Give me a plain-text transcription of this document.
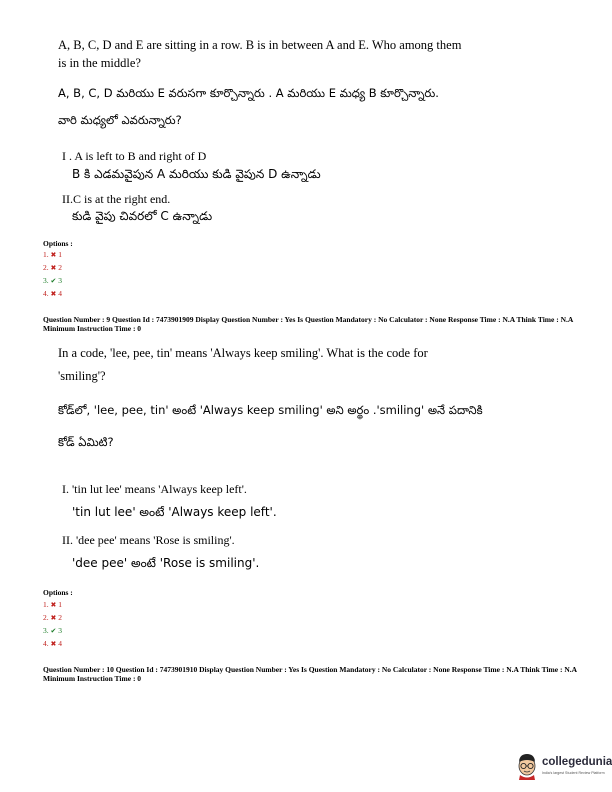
A, B, C, D and E are sitting in a row. B is in between A and E. Who among them
is in the middle?
A, B, C, D మరియు E వరుసగా కూర్చొన్నారు . A మరియు E మధ్య B కూర్చొన్నారు.
వారి మధ్యలో ఎవరున్నారు?
I . A is left to B and right of D
B కి ఎడమవైపున A మరియు కుడి వైపున D ఉన్నాడు
II.C is at the right end.
కుడి వైపు చివరలో C ఉన్నాడు
Options :
1. ✖ 1
2. ✖ 2
3. ✔ 3
4. ✖ 4
Question Number : 9 Question Id : 7473901909 Display Question Number : Yes Is Question Mandatory : No Calculator : None Response Time : N.A Think Time : N.A Minimum Instruction Time : 0
In a code, 'lee, pee, tin' means 'Always keep smiling'. What is the code for
'smiling'?
కోడ్‌లో, 'lee, pee, tin' అంటే 'Always keep smiling' అని అర్థం .'smiling' అనే పదానికి
కోడ్ ఏమిటి?
I. 'tin lut lee' means 'Always keep left'.
'tin lut lee' అంటే 'Always keep left'.
II. 'dee pee' means 'Rose is smiling'.
'dee pee' అంటే 'Rose is smiling'.
Options :
1. ✖ 1
2. ✖ 2
3. ✔ 3
4. ✖ 4
Question Number : 10 Question Id : 7473901910 Display Question Number : Yes Is Question Mandatory : No Calculator : None Response Time : N.A Think Time : N.A Minimum Instruction Time : 0
collegedunia
India's largest Student Review Platform
